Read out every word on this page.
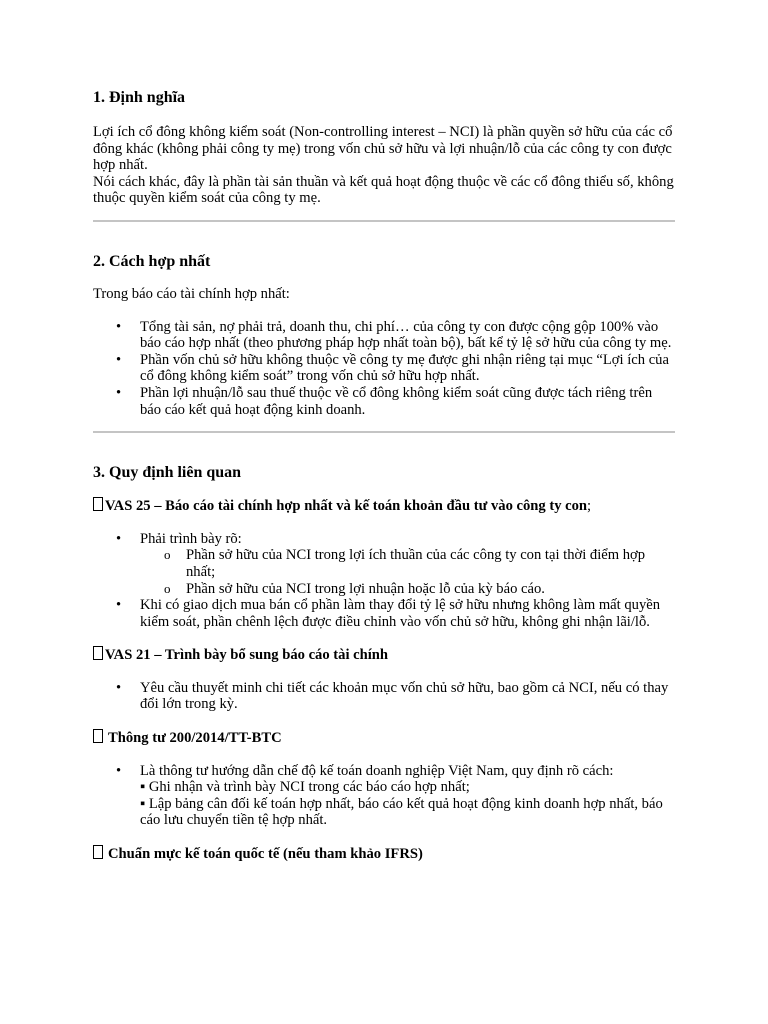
1. Định nghĩa

Lợi ích cổ đông không kiểm soát (Non-controlling interest – NCI) là phần quyền sở hữu của các cổ đông khác (không phải công ty mẹ) trong vốn chủ sở hữu và lợi nhuận/lỗ của các công ty con được hợp nhất.

Nói cách khác, đây là phần tài sản thuần và kết quả hoạt động thuộc về các cổ đông thiểu số, không thuộc quyền kiểm soát của công ty mẹ.

2. Cách hợp nhất

Trong báo cáo tài chính hợp nhất:

• Tổng tài sản, nợ phải trả, doanh thu, chi phí… của công ty con được cộng gộp 100% vào báo cáo hợp nhất (theo phương pháp hợp nhất toàn bộ), bất kể tỷ lệ sở hữu của công ty mẹ.
• Phần vốn chủ sở hữu không thuộc về công ty mẹ được ghi nhận riêng tại mục “Lợi ích của cổ đông không kiểm soát” trong vốn chủ sở hữu hợp nhất.
• Phần lợi nhuận/lỗ sau thuế thuộc về cổ đông không kiểm soát cũng được tách riêng trên báo cáo kết quả hoạt động kinh doanh.
3. Quy định liên quan

VAS 25 – Báo cáo tài chính hợp nhất và kế toán khoản đầu tư vào công ty con;

• Phải trình bày rõ:
o Phần sở hữu của NCI trong lợi ích thuần của các công ty con tại thời điểm hợp nhất;
o Phần sở hữu của NCI trong lợi nhuận hoặc lỗ của kỳ báo cáo.
• Khi có giao dịch mua bán cổ phần làm thay đổi tỷ lệ sở hữu nhưng không làm mất quyền kiểm soát, phần chênh lệch được điều chỉnh vào vốn chủ sở hữu, không ghi nhận lãi/lỗ.

VAS 21 – Trình bày bổ sung báo cáo tài chính

• Yêu cầu thuyết minh chi tiết các khoản mục vốn chủ sở hữu, bao gồm cả NCI, nếu có thay đổi lớn trong kỳ.

Thông tư 200/2014/TT-BTC

• Là thông tư hướng dẫn chế độ kế toán doanh nghiệp Việt Nam, quy định rõ cách:
▪ Ghi nhận và trình bày NCI trong các báo cáo hợp nhất;
▪ Lập bảng cân đối kế toán hợp nhất, báo cáo kết quả hoạt động kinh doanh hợp nhất, báo cáo lưu chuyển tiền tệ hợp nhất.

Chuẩn mực kế toán quốc tế (nếu tham khảo IFRS)
